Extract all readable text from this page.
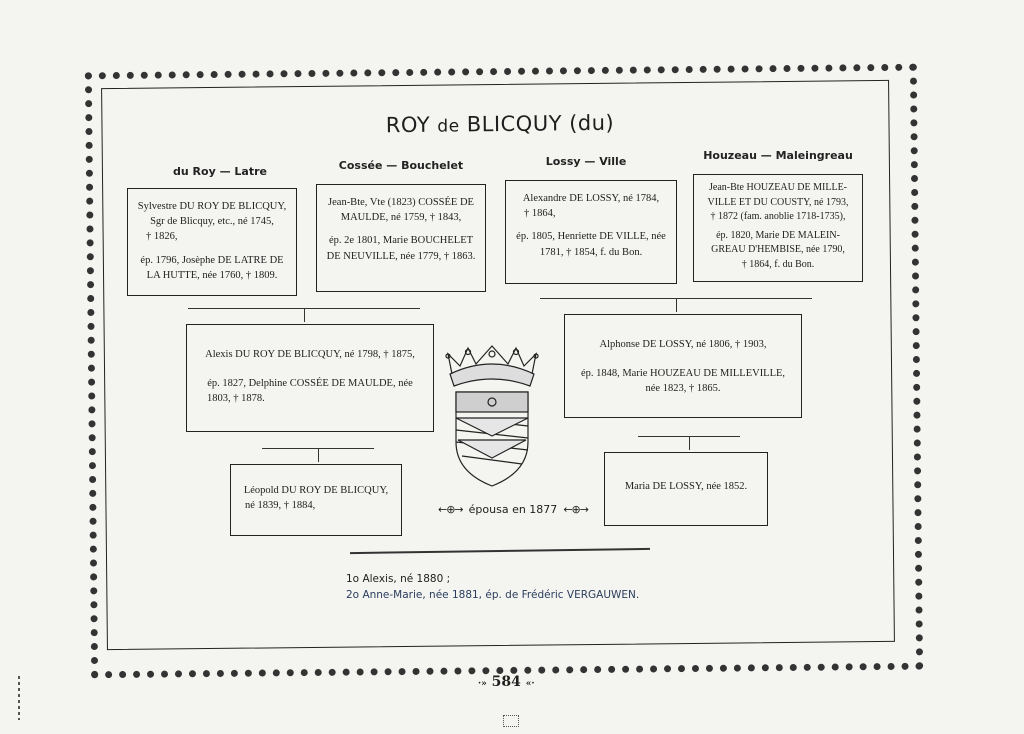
ROY de BLICQUY (du)
du Roy — Latre	Cossée — Bouchelet	Lossy — Ville	Houzeau — Maleingreau
Sylvestre DU ROY DE BLICQUY,
Sgr de Blicquy, etc., né 1745,
† 1826,
ép. 1796, Josèphe DE LATRE DE
LA HUTTE, née 1760, † 1809.
Jean-Bte, Vte (1823) COSSÉE DE
MAULDE, né 1759, † 1843,
ép. 2e 1801, Marie BOUCHELET
DE NEUVILLE, née 1779, † 1863.
Alexandre DE LOSSY, né 1784,
† 1864,
ép. 1805, Henriette DE VILLE, née
1781, † 1854, f. du Bon.
Jean-Bte HOUZEAU DE MILLE-
VILLE ET DU COUSTY, né 1793,
† 1872 (fam. anoblie 1718-1735),
ép. 1820, Marie DE MALEIN-
GREAU D'HEMBISE, née 1790,
† 1864, f. du Bon.
Alexis DU ROY DE BLICQUY, né 1798, † 1875,
ép. 1827, Delphine COSSÉE DE MAULDE, née
1803, † 1878.
Alphonse DE LOSSY, né 1806, † 1903,
ép. 1848, Marie HOUZEAU DE MILLEVILLE,
née 1823, † 1865.
Léopold DU ROY DE BLICQUY,
né 1839, † 1884,
Maria DE LOSSY, née 1852.
←⊕→ épousa en 1877 ←⊕→
1o Alexis, né 1880 ;
2o Anne-Marie, née 1881, ép. de Frédéric VERGAUWEN.
·» 584 «·
